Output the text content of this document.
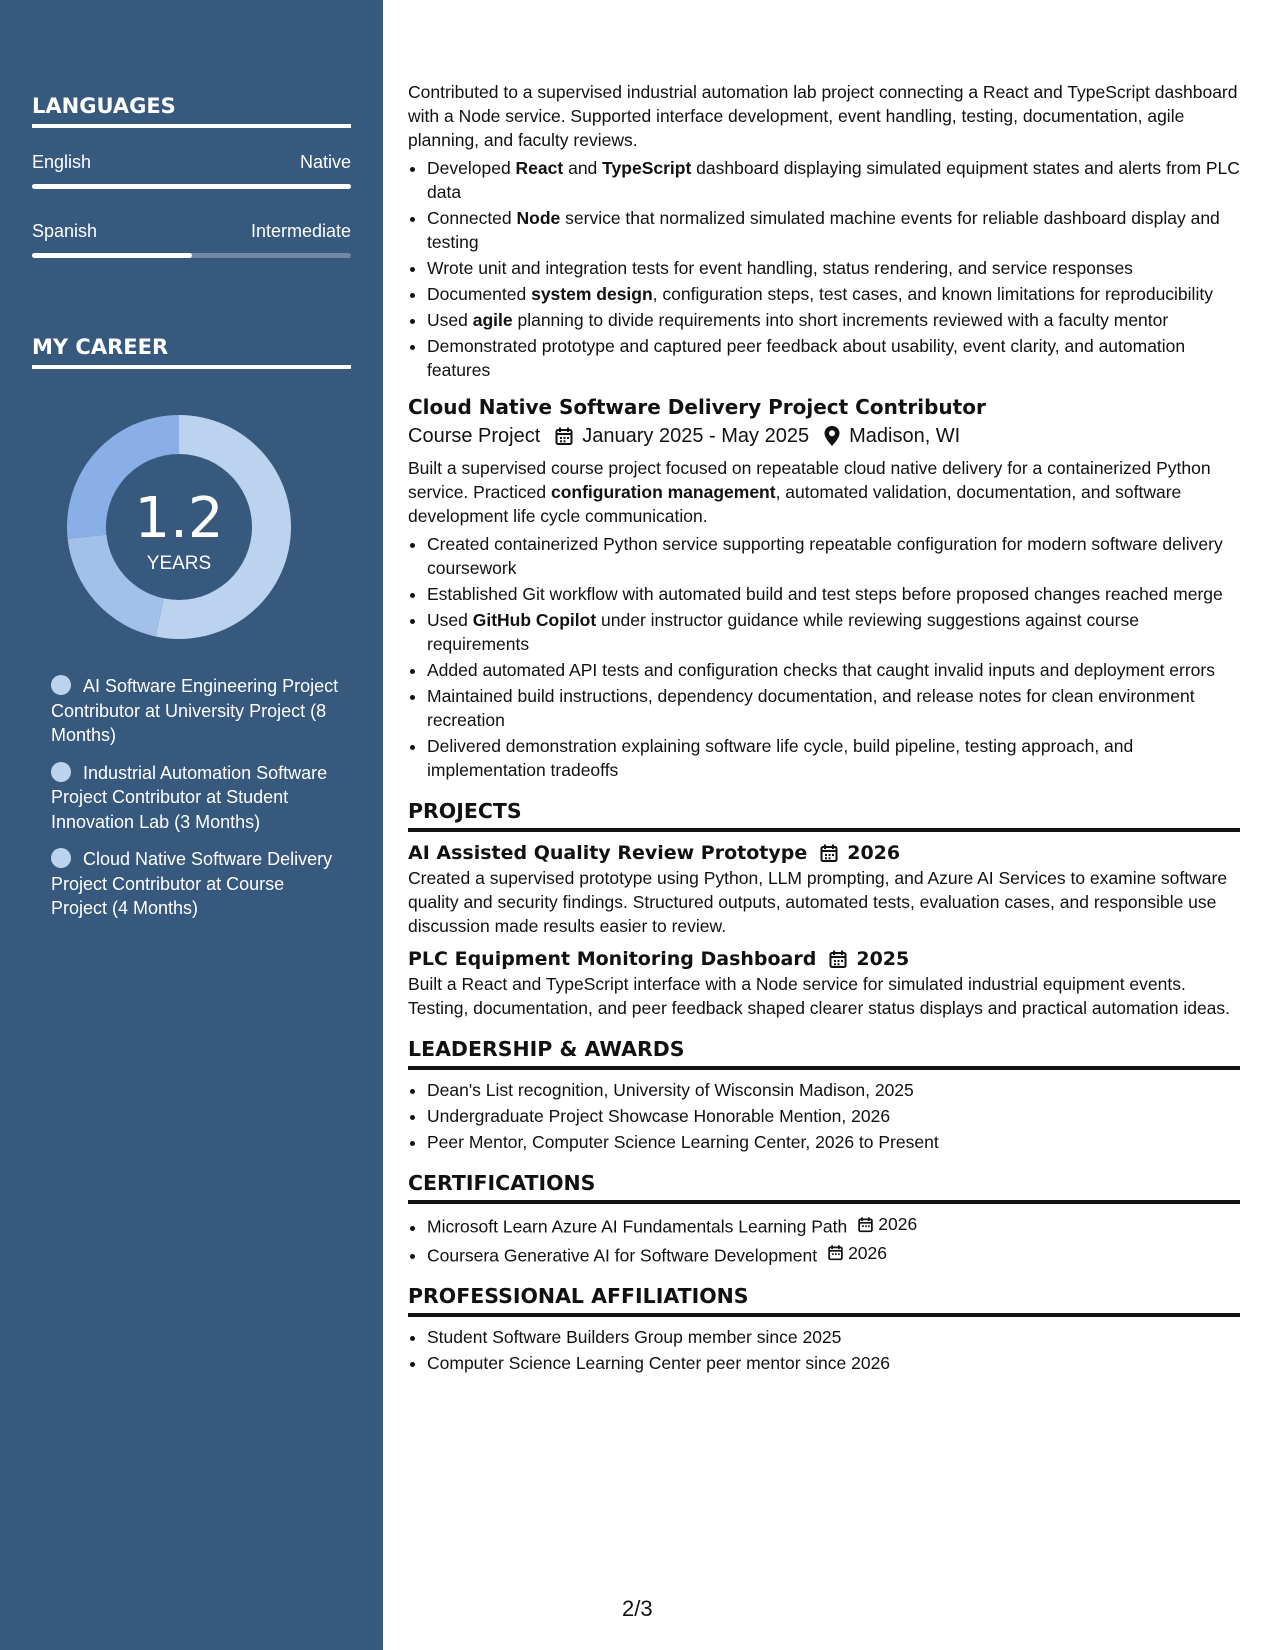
LANGUAGES
English	Native
Spanish	Intermediate
MY CAREER
1.2
YEARS
AI Software Engineering Project Contributor at University Project (8 Months)
Industrial Automation Software Project Contributor at Student Innovation Lab (3 Months)
Cloud Native Software Delivery Project Contributor at Course Project (4 Months)

Contributed to a supervised industrial automation lab project connecting a React and TypeScript dashboard with a Node service. Supported interface development, event handling, testing, documentation, agile planning, and faculty reviews.

• Developed React and TypeScript dashboard displaying simulated equipment states and alerts from PLC data
• Connected Node service that normalized simulated machine events for reliable dashboard display and testing
• Wrote unit and integration tests for event handling, status rendering, and service responses
• Documented system design, configuration steps, test cases, and known limitations for reproducibility
• Used agile planning to divide requirements into short increments reviewed with a faculty mentor
• Demonstrated prototype and captured peer feedback about usability, event clarity, and automation features
Cloud Native Software Delivery Project Contributor
Course Project January 2025 - May 2025 Madison, WI

Built a supervised course project focused on repeatable cloud native delivery for a containerized Python service. Practiced configuration management, automated validation, documentation, and software development life cycle communication.

• Created containerized Python service supporting repeatable configuration for modern software delivery coursework
• Established Git workflow with automated build and test steps before proposed changes reached merge
• Used GitHub Copilot under instructor guidance while reviewing suggestions against course requirements
• Added automated API tests and configuration checks that caught invalid inputs and deployment errors
• Maintained build instructions, dependency documentation, and release notes for clean environment recreation
• Delivered demonstration explaining software life cycle, build pipeline, testing approach, and implementation tradeoffs
PROJECTS
AI Assisted Quality Review Prototype 2026

Created a supervised prototype using Python, LLM prompting, and Azure AI Services to examine software quality and security findings. Structured outputs, automated tests, evaluation cases, and responsible use discussion made results easier to review.

PLC Equipment Monitoring Dashboard 2025

Built a React and TypeScript interface with a Node service for simulated industrial equipment events. Testing, documentation, and peer feedback shaped clearer status displays and practical automation ideas.

LEADERSHIP & AWARDS
• Dean's List recognition, University of Wisconsin Madison, 2025
• Undergraduate Project Showcase Honorable Mention, 2026
• Peer Mentor, Computer Science Learning Center, 2026 to Present
CERTIFICATIONS
• Microsoft Learn Azure AI Fundamentals Learning Path 2026
• Coursera Generative AI for Software Development 2026
PROFESSIONAL AFFILIATIONS
• Student Software Builders Group member since 2025
• Computer Science Learning Center peer mentor since 2026
2/3
